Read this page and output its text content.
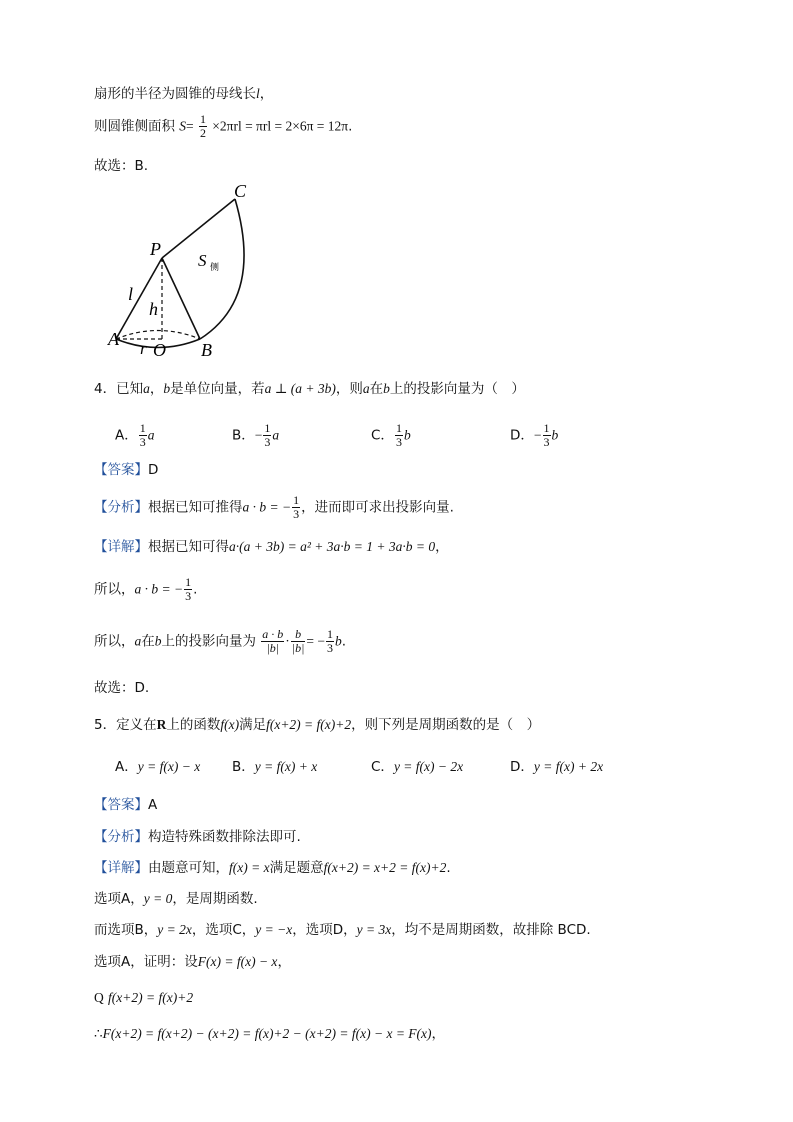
扇形的半径为圆锥的母线长l，
则圆锥侧面积 $S= \frac{1}{2} \times 2\pi rl = \pi rl = 2\times 6\pi = 12\pi$.
故选：B.
C
P
S 侧
l
h
A r O B
4．已知a，b是单位向量，若a ⊥ (a + 3b)，则a在b上的投影向量为（　）
A． $\frac{1}{3}$ a	B．− $\frac{1}{3}$ a	C． $\frac{1}{3}$ b	D．− $\frac{1}{3}$ b
【答案】D
【分析】根据已知可推得a · b = − $\frac{1}{3}$ ，进而即可求出投影向量.
【详解】根据已知可得a·(a + 3b) = a² + 3a·b = 1 + 3a·b = 0，
所以，a · b = − $\frac{1}{3}$ .
所以，a在b上的投影向量为 $\frac{a \cdot b}{|b|} \cdot \frac{b}{|b|}$ = − $\frac{1}{3} b$.
故选：D.
5．定义在R上的函数f(x)满足f(x+2) = f(x)+2，则下列是周期函数的是（　）
A．y = f(x) − x B．y = f(x) + x	C．y = f(x) − 2x	D．y = f(x) + 2x
【答案】A
【分析】构造特殊函数排除法即可.
【详解】由题意可知，f(x) = x满足题意f(x+2) = x+2 = f(x)+2.
选项A，y = 0，是周期函数.
而选项B，y = 2x，选项C，y = −x，选项D，y = 3x，均不是周期函数，故排除 BCD.
选项A，证明：设F(x) = f(x) − x，
Q f(x+2) = f(x)+2
∴F(x+2) = f(x+2) − (x+2) = f(x)+2 − (x+2) = f(x) − x = F(x)，
